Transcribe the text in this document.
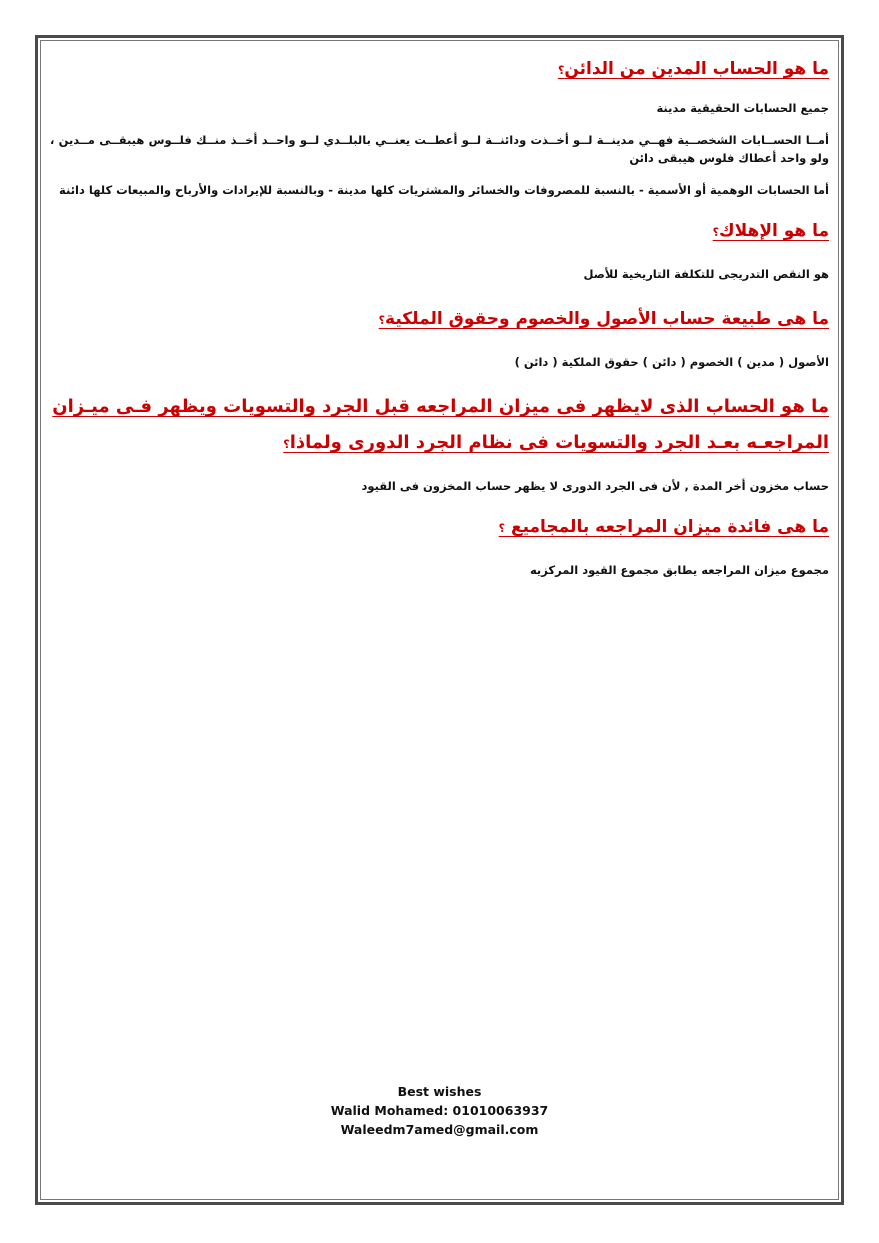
ما هو الحساب المدين من الدائن؟

جميع الحسابات الحقيقية مدينة

أمــا الحســابات الشخصــية فهــي مدينــة لــو أخــذت ودائنــة لــو أعطــت يعنــي بالبلــدي لــو واحــد أخــذ منــك فلــوس هيبقــى مــدين ، ولو واحد أعطاك فلوس هيبقى دائن

أما الحسابات الوهمية أو الأسمية - بالنسبة للمصروفات والخسائر والمشتريات كلها مدينة - وبالنسبة للإيرادات والأرباح والمبيعات كلها دائنة

ما هو الإهلاك؟

هو النقص التدريجى للتكلفة التاريخية للأصل

ما هى طبيعة حساب الأصول والخصوم وحقوق الملكية؟

الأصول ( مدين ) الخصوم ( دائن ) حقوق الملكية ( دائن )

ما هو الحساب الذى لايظهر فى ميزان المراجعه قبل الجرد والتسويات ويظهر فـى ميـزان المراجعـه بعـد الجرد والتسويات فى نظام الجرد الدورى ولماذا؟

حساب مخزون أخر المدة , لأن فى الجرد الدورى لا يظهر حساب المخزون فى القيود

ما هى فائدة ميزان المراجعه بالمجاميع ؟

مجموع ميزان المراجعه يطابق مجموع القيود المركزيه

Best wishes
Walid Mohamed: 01010063937
Waleedm7amed@gmail.com
